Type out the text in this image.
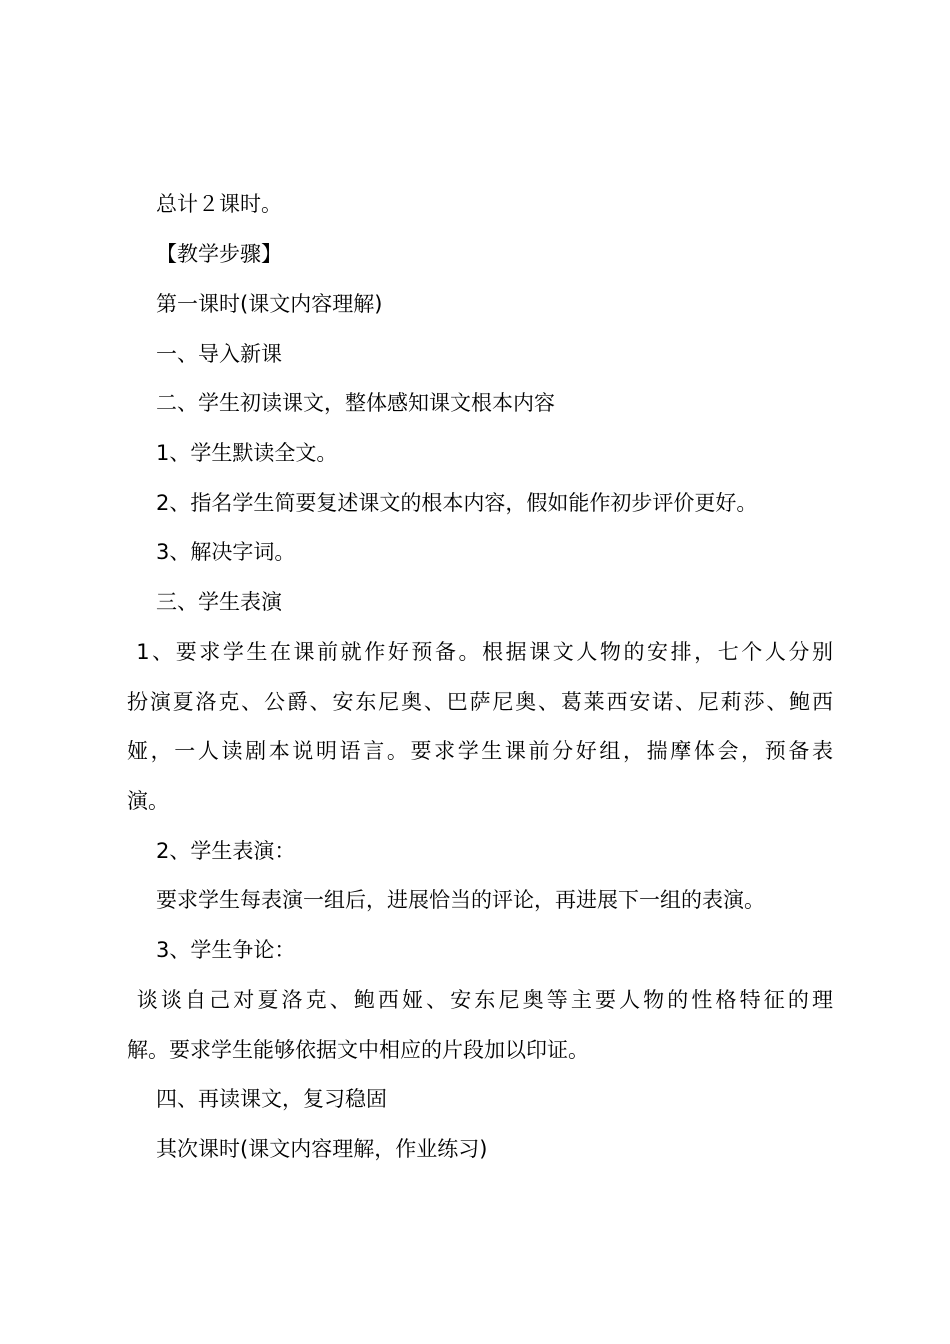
总计２课时。
【教学步骤】
第一课时(课文内容理解)
一、导入新课
二、学生初读课文，整体感知课文根本内容
1、学生默读全文。
2、指名学生简要复述课文的根本内容，假如能作初步评价更好。
3、解决字词。
三、学生表演
1、要求学生在课前就作好预备。根据课文人物的安排，七个人分别
扮演夏洛克、公爵、安东尼奥、巴萨尼奥、葛莱西安诺、尼莉莎、鲍西
娅，一人读剧本说明语言。要求学生课前分好组，揣摩体会，预备表
演。
2、学生表演：
要求学生每表演一组后，进展恰当的评论，再进展下一组的表演。
3、学生争论：
谈谈自己对夏洛克、鲍西娅、安东尼奥等主要人物的性格特征的理
解。要求学生能够依据文中相应的片段加以印证。
四、再读课文，复习稳固
其次课时(课文内容理解，作业练习)
